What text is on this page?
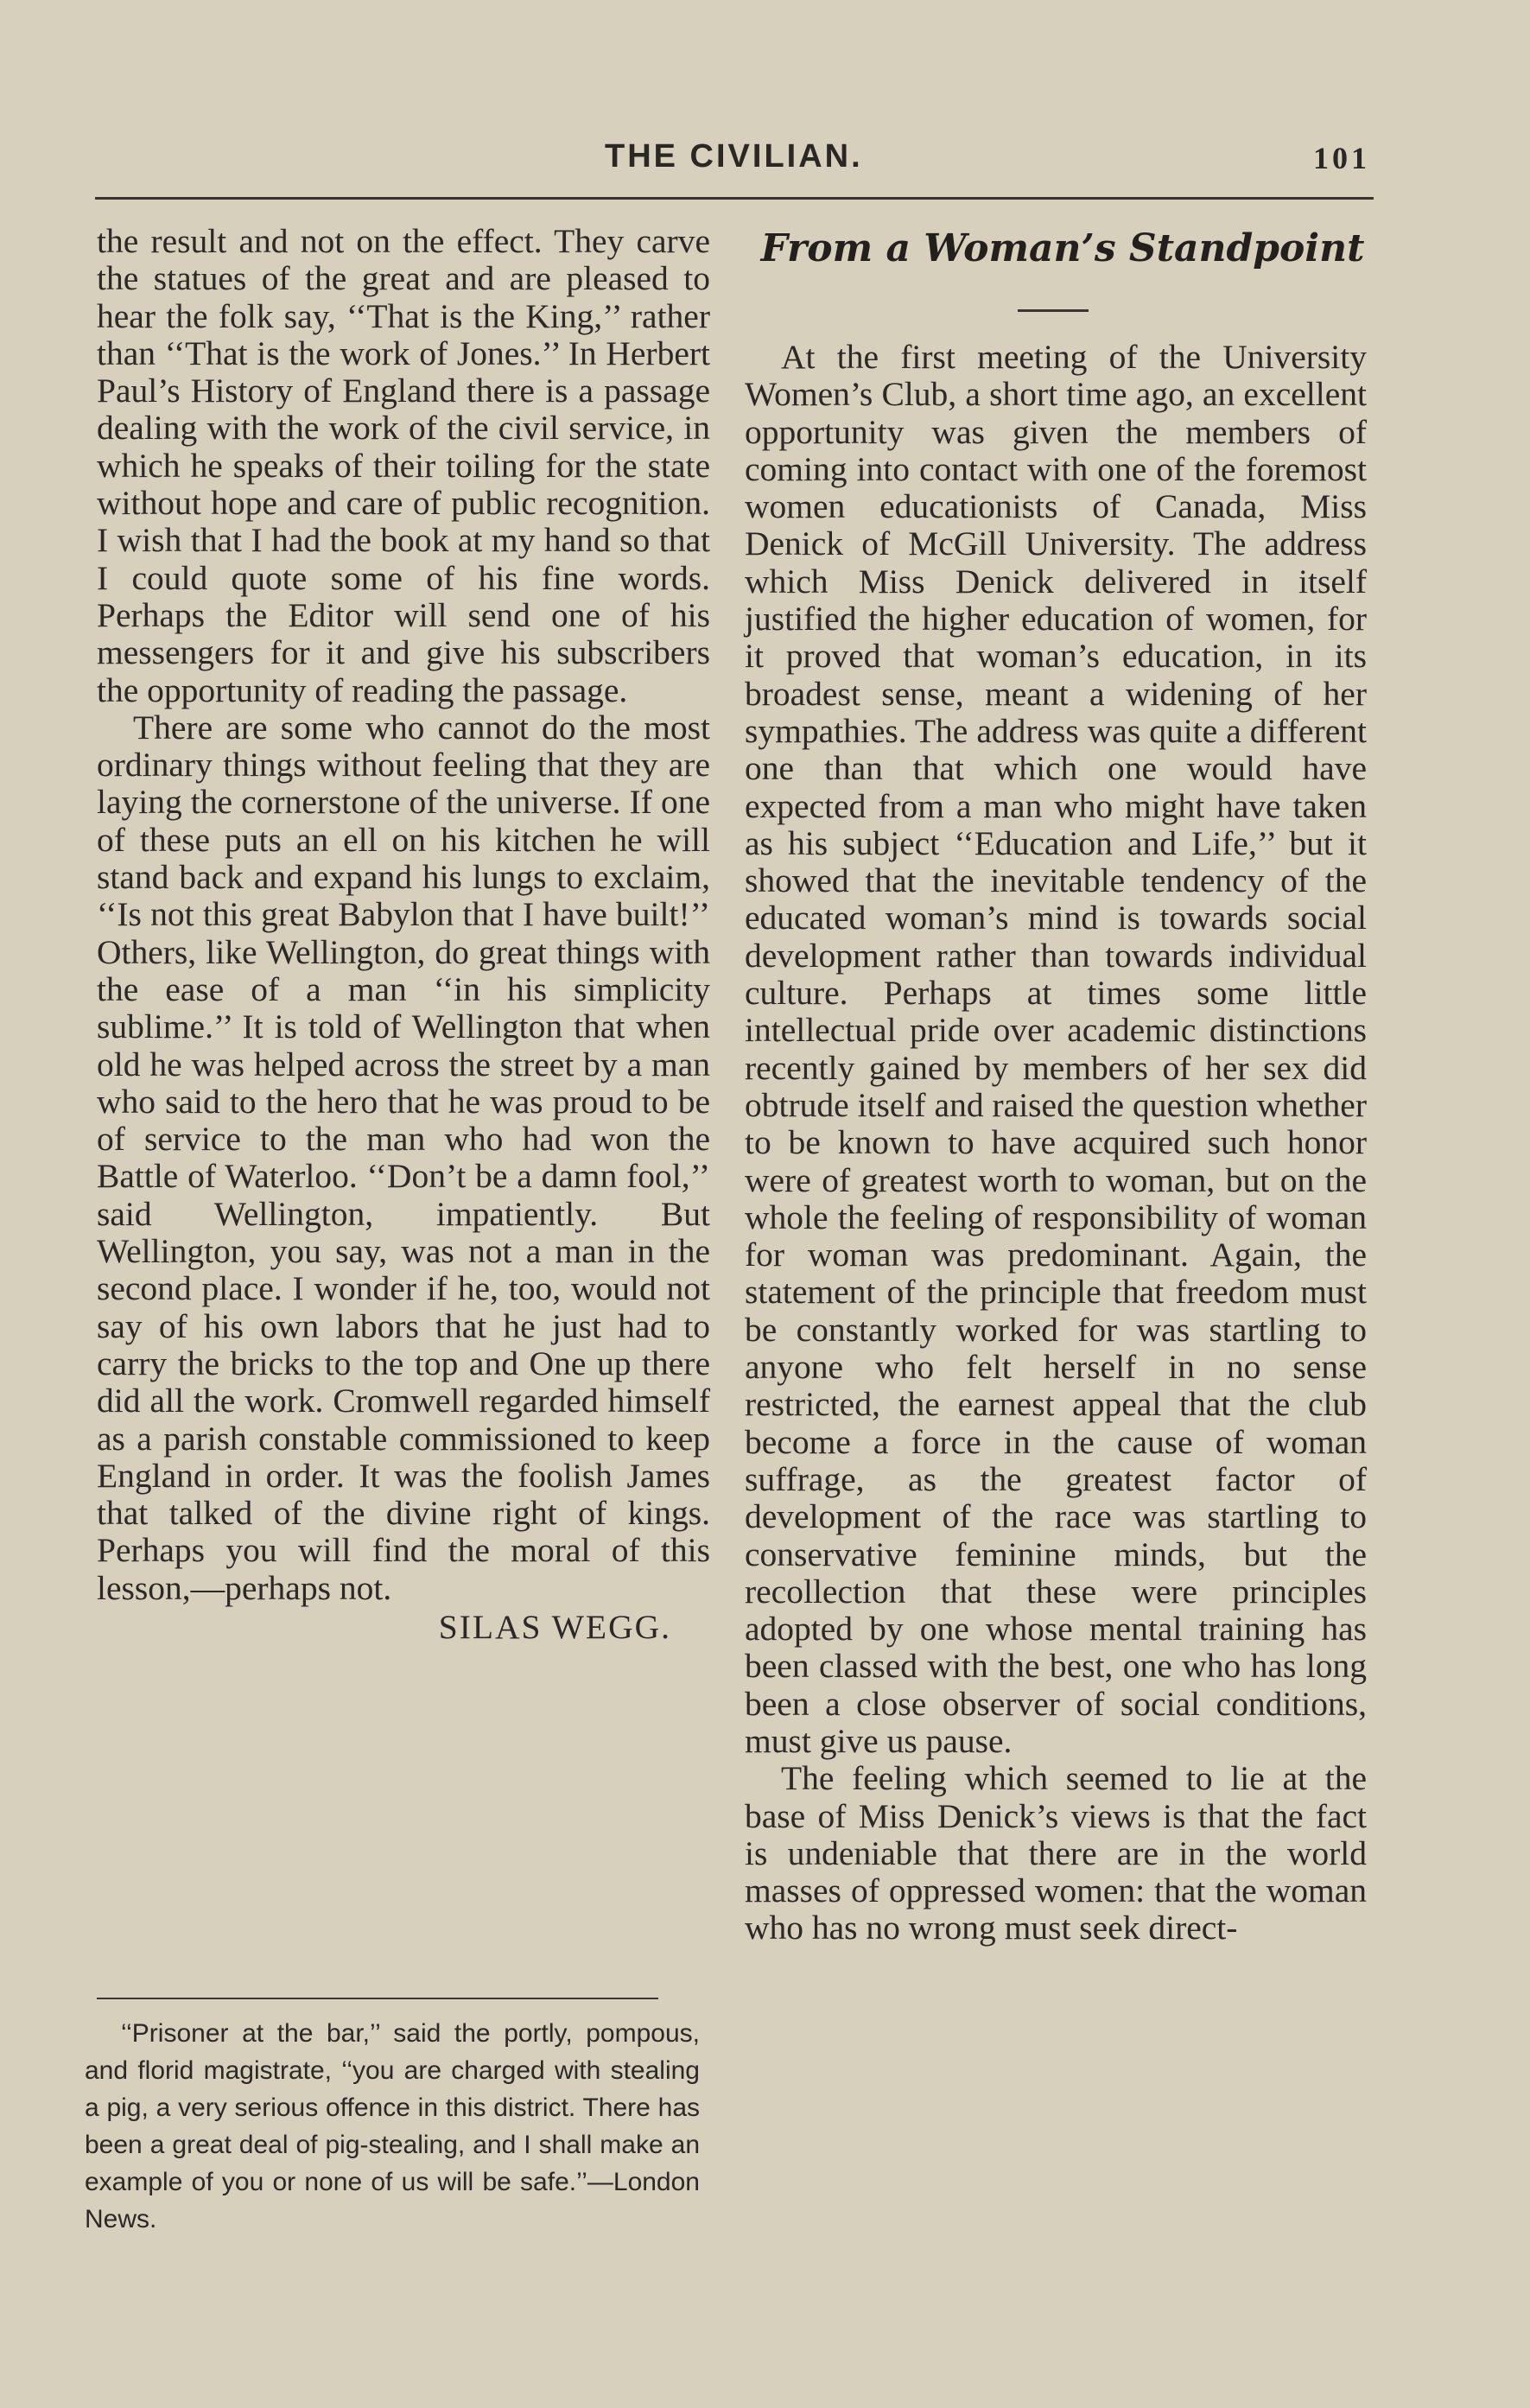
THE CIVILIAN.	101

the result and not on the effect. They carve the statues of the great and are pleased to hear the folk say, ‘‘That is the King,’’ rather than ‘‘That is the work of Jones.’’ In Herbert Paul’s History of England there is a passage dealing with the work of the civil service, in which he speaks of their toiling for the state without hope and care of public recognition. I wish that I had the book at my hand so that I could quote some of his fine words. Perhaps the Editor will send one of his messengers for it and give his subscribers the opportunity of reading the passage.

There are some who cannot do the most ordinary things without feeling that they are laying the cornerstone of the universe. If one of these puts an ell on his kitchen he will stand back and expand his lungs to exclaim, ‘‘Is not this great Babylon that I have built!’’ Others, like Wellington, do great things with the ease of a man ‘‘in his simplicity sublime.’’ It is told of Wellington that when old he was helped across the street by a man who said to the hero that he was proud to be of service to the man who had won the Battle of Waterloo. ‘‘Don’t be a damn fool,’’ said Wellington, impatiently. But Wellington, you say, was not a man in the second place. I wonder if he, too, would not say of his own labors that he just had to carry the bricks to the top and One up there did all the work. Cromwell regarded himself as a parish constable commissioned to keep England in order. It was the foolish James that talked of the divine right of kings. Perhaps you will find the moral of this lesson,—perhaps not.

SILAS WEGG.

‘‘Prisoner at the bar,’’ said the portly, pompous, and florid magistrate, ‘‘you are charged with stealing a pig, a very serious offence in this district. There has been a great deal of pig-stealing, and I shall make an example of you or none of us will be safe.’’—London News.
From a Woman’s Standpoint

At the first meeting of the University Women’s Club, a short time ago, an excellent opportunity was given the members of coming into contact with one of the foremost women educationists of Canada, Miss Denick of McGill University. The address which Miss Denick delivered in itself justified the higher education of women, for it proved that woman’s education, in its broadest sense, meant a widening of her sympathies. The address was quite a different one than that which one would have expected from a man who might have taken as his subject ‘‘Education and Life,’’ but it showed that the inevitable tendency of the educated woman’s mind is towards social development rather than towards individual culture. Perhaps at times some little intellectual pride over academic distinctions recently gained by members of her sex did obtrude itself and raised the question whether to be known to have acquired such honor were of greatest worth to woman, but on the whole the feeling of responsibility of woman for woman was predominant. Again, the statement of the principle that freedom must be constantly worked for was startling to anyone who felt herself in no sense restricted, the earnest appeal that the club become a force in the cause of woman suffrage, as the greatest factor of development of the race was startling to conservative feminine minds, but the recollection that these were principles adopted by one whose mental training has been classed with the best, one who has long been a close observer of social conditions, must give us pause.

The feeling which seemed to lie at the base of Miss Denick’s views is that the fact is undeniable that there are in the world masses of oppressed women: that the woman who has no wrong must seek direct-
